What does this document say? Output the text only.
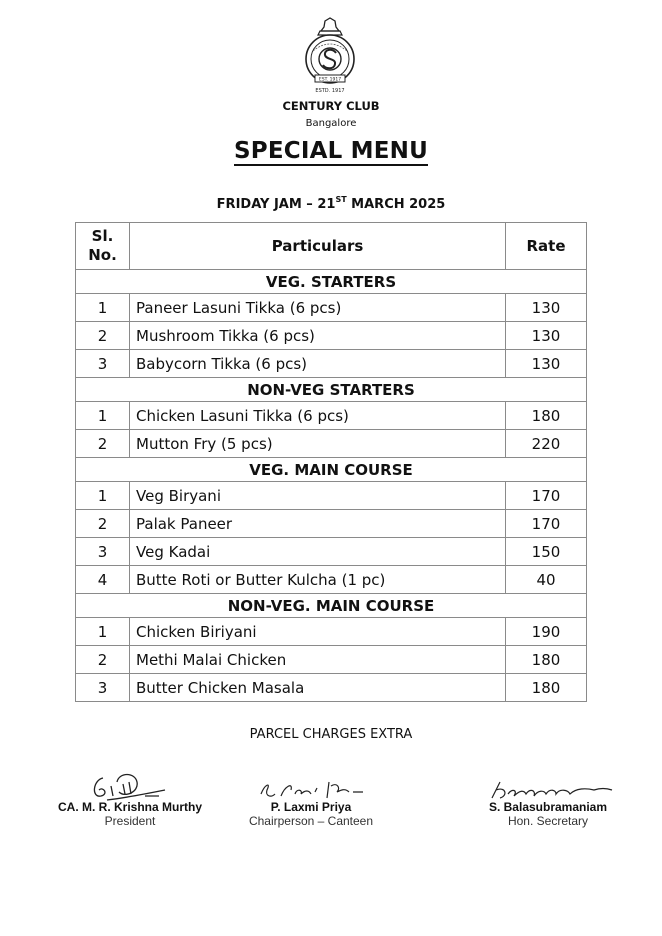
EST. 1917
ESTD. 1917
CENTURY CLUB
Bangalore
SPECIAL MENU
FRIDAY JAM – 21ST MARCH 2025
Sl.
No.	Particulars	Rate
VEG. STARTERS		
1	Paneer Lasuni Tikka (6 pcs)	130
2	Mushroom Tikka (6 pcs)	130
3	Babycorn Tikka (6 pcs)	130
NON-VEG STARTERS		
1	Chicken Lasuni Tikka (6 pcs)	180
2	Mutton Fry (5 pcs)	220
VEG. MAIN COURSE		
1	Veg Biryani	170
2	Palak Paneer	170
3	Veg Kadai	150
4	Butte Roti or Butter Kulcha (1 pc)	40
NON-VEG. MAIN COURSE		
1	Chicken Biriyani	190
2	Methi Malai Chicken	180
3	Butter Chicken Masala	180
PARCEL CHARGES EXTRA
CA. M. R. Krishna Murthy
President
P. Laxmi Priya
Chairperson – Canteen
S. Balasubramaniam
Hon. Secretary
